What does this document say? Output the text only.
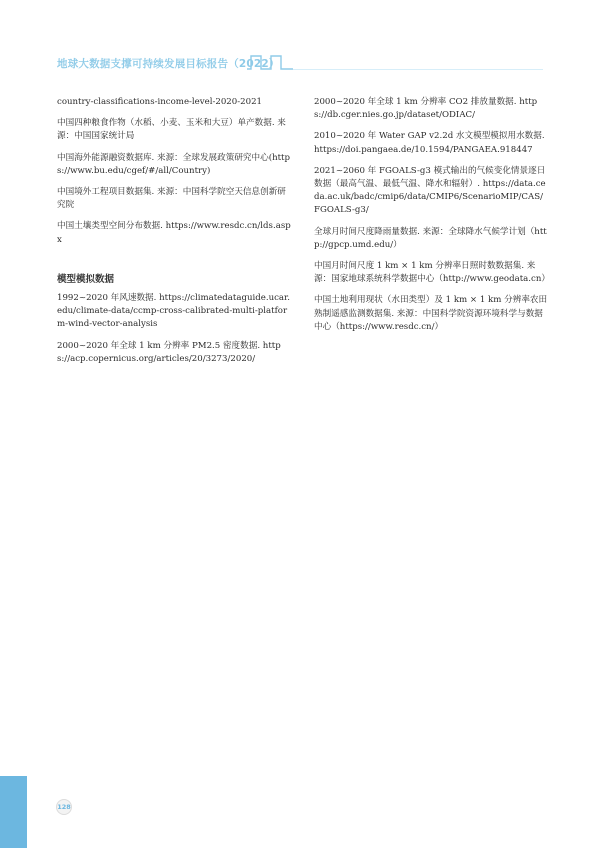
地球大数据支撑可持续发展目标报告（2022）

country-classifications-income-level-2020-2021

中国四种粮食作物（水稻、小麦、玉米和大豆）单产数据. 来源：中国国家统计局

中国海外能源融资数据库. 来源：全球发展政策研究中心(https://www.bu.edu/cgef/#/all/Country)

中国境外工程项目数据集. 来源：中国科学院空天信息创新研究院

中国土壤类型空间分布数据. https://www.resdc.cn/lds.aspx

模型模拟数据

1992~2020 年风速数据. https://climatedataguide.ucar.edu/climate-data/ccmp-cross-calibrated-multi-platform-wind-vector-analysis

2000~2020 年全球 1 km 分辨率 PM2.5 密度数据. https://acp.copernicus.org/articles/20/3273/2020/

2000~2020 年全球 1 km 分辨率 CO2 排放量数据. https://db.cger.nies.go.jp/dataset/ODIAC/

2010~2020 年 Water GAP v2.2d 水文模型模拟用水数据. https://doi.pangaea.de/10.1594/PANGAEA.918447

2021~2060 年 FGOALS-g3 模式输出的气候变化情景逐日数据（最高气温、最低气温、降水和辐射）. https://data.ceda.ac.uk/badc/cmip6/data/CMIP6/ScenarioMIP/CAS/FGOALS-g3/

全球月时间尺度降雨量数据. 来源：全球降水气候学计划（http://gpcp.umd.edu/）

中国月时间尺度 1 km × 1 km 分辨率日照时数数据集. 来源：国家地球系统科学数据中心（http://www.geodata.cn）

中国土地利用现状（水田类型）及 1 km × 1 km 分辨率农田熟制遥感监测数据集. 来源：中国科学院资源环境科学与数据中心（https://www.resdc.cn/）

128
